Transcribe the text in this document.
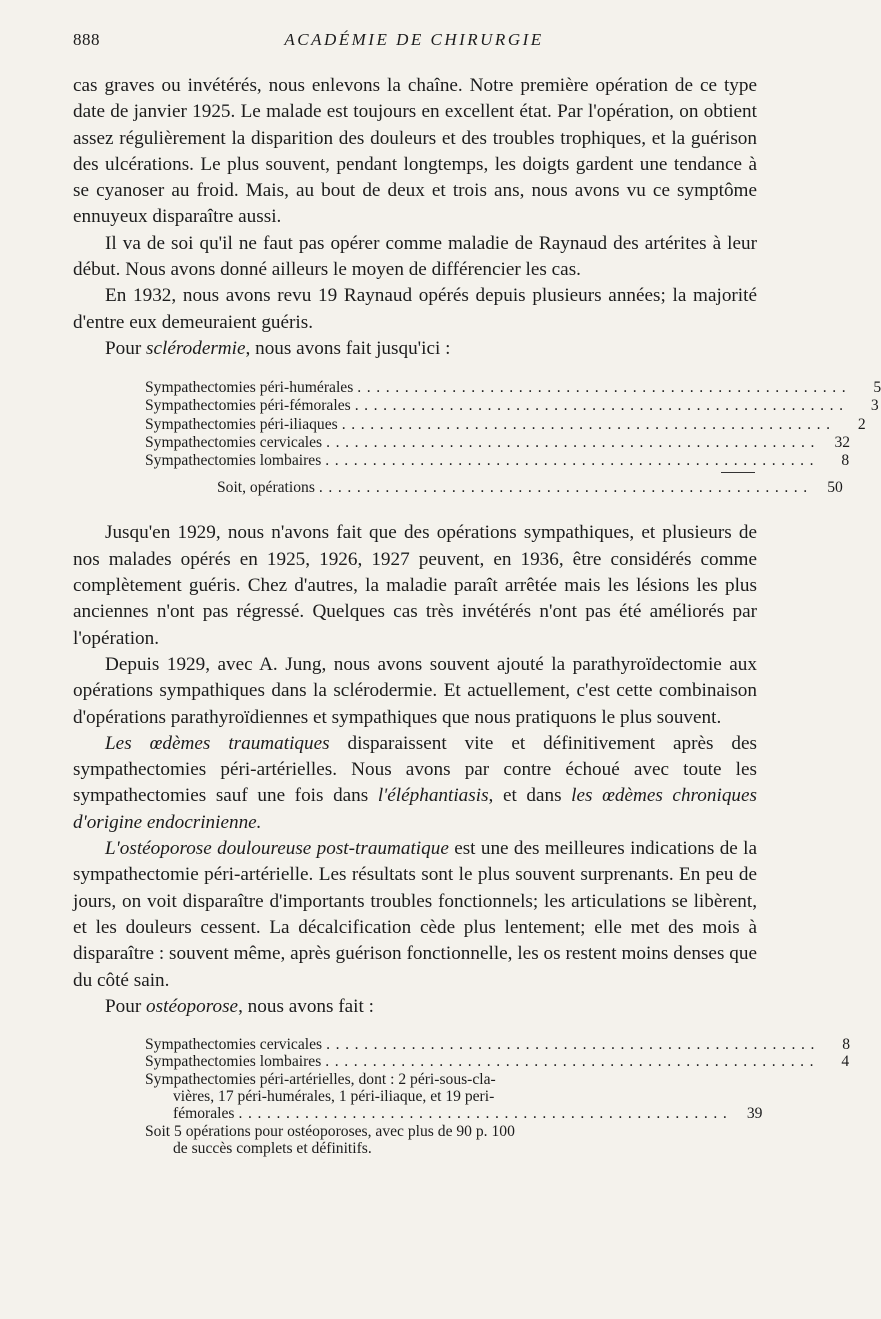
888	ACADÉMIE DE CHIRURGIE

cas graves ou invétérés, nous enlevons la chaîne. Notre première opération de ce type date de janvier 1925. Le malade est toujours en excellent état. Par l'opération, on obtient assez régulièrement la disparition des douleurs et des troubles trophiques, et la guérison des ulcérations. Le plus souvent, pendant longtemps, les doigts gardent une tendance à se cyanoser au froid. Mais, au bout de deux et trois ans, nous avons vu ce symptôme ennuyeux disparaître aussi.

Il va de soi qu'il ne faut pas opérer comme maladie de Raynaud des artérites à leur début. Nous avons donné ailleurs le moyen de différencier les cas.

En 1932, nous avons revu 19 Raynaud opérés depuis plusieurs années; la majorité d'entre eux demeuraient guéris.

Pour sclérodermie, nous avons fait jusqu'ici :

Sympathectomies péri-humérales ....................................................	5
Sympathectomies péri-fémorales ....................................................	3
Sympathectomies péri-iliaques ....................................................	2
Sympathectomies cervicales .................................................... 32
Sympathectomies lombaires ....................................................	8
Soit, opérations .................................................... 50

Jusqu'en 1929, nous n'avons fait que des opérations sympathiques, et plusieurs de nos malades opérés en 1925, 1926, 1927 peuvent, en 1936, être considérés comme complètement guéris. Chez d'autres, la maladie paraît arrêtée mais les lésions les plus anciennes n'ont pas régressé. Quelques cas très invétérés n'ont pas été améliorés par l'opération.

Depuis 1929, avec A. Jung, nous avons souvent ajouté la parathyroïdectomie aux opérations sympathiques dans la sclérodermie. Et actuellement, c'est cette combinaison d'opérations parathyroïdiennes et sympathiques que nous pratiquons le plus souvent.

Les œdèmes traumatiques disparaissent vite et définitivement après des sympathectomies péri-artérielles. Nous avons par contre échoué avec toute les sympathectomies sauf une fois dans l'éléphantiasis, et dans les œdèmes chroniques d'origine endocrinienne.

L'ostéoporose douloureuse post-traumatique est une des meilleures indications de la sympathectomie péri-artérielle. Les résultats sont le plus souvent surprenants. En peu de jours, on voit disparaître d'importants troubles fonctionnels; les articulations se libèrent, et les douleurs cessent. La décalcification cède plus lentement; elle met des mois à disparaître : souvent même, après guérison fonctionnelle, les os restent moins denses que du côté sain.

Pour ostéoporose, nous avons fait :

Sympathectomies cervicales ....................................................	8
Sympathectomies lombaires ....................................................	4
Sympathectomies péri-artérielles, dont : 2 péri-sous-cla-
vières, 17 péri-humérales, 1 péri-iliaque, et 19 peri-
fémorales .................................................... 39
Soit 5 opérations pour ostéoporoses, avec plus de 90 p. 100
de succès complets et définitifs.
